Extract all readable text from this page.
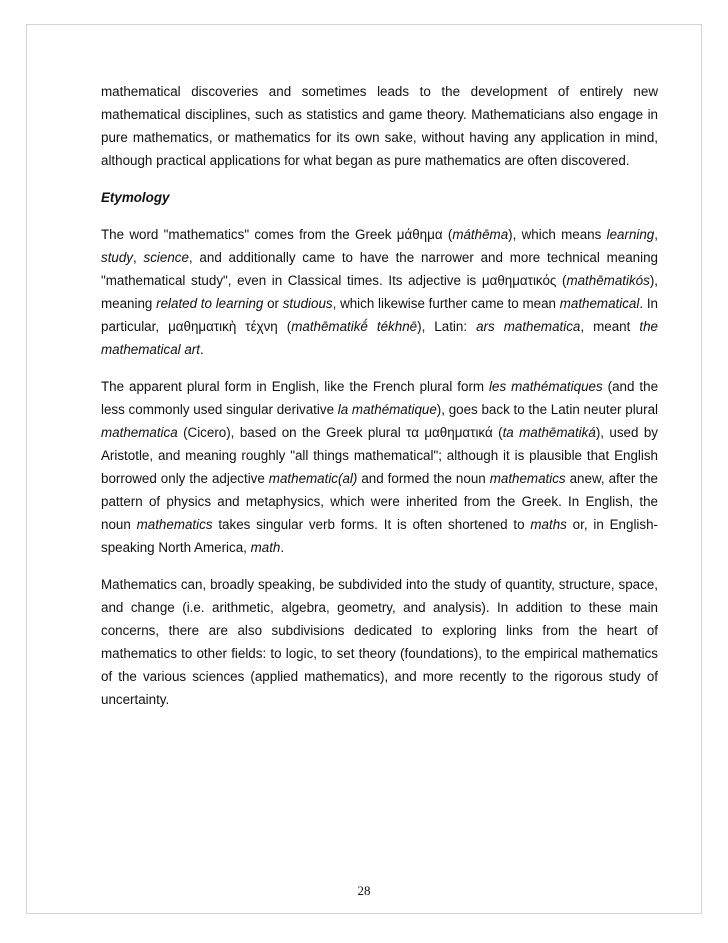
mathematical discoveries and sometimes leads to the development of entirely new mathematical disciplines, such as statistics and game theory. Mathematicians also engage in pure mathematics, or mathematics for its own sake, without having any application in mind, although practical applications for what began as pure mathematics are often discovered.

Etymology

The word "mathematics" comes from the Greek μάθημα (máthēma), which means learning, study, science, and additionally came to have the narrower and more technical meaning "mathematical study", even in Classical times. Its adjective is μαθηματικός (mathēmatikós), meaning related to learning or studious, which likewise further came to mean mathematical. In particular, μαθηματικὴ τέχνη (mathēmatikḗ tékhnē), Latin: ars mathematica, meant the mathematical art.

The apparent plural form in English, like the French plural form les mathématiques (and the less commonly used singular derivative la mathématique), goes back to the Latin neuter plural mathematica (Cicero), based on the Greek plural τα μαθηματικά (ta mathēmatiká), used by Aristotle, and meaning roughly "all things mathematical"; although it is plausible that English borrowed only the adjective mathematic(al) and formed the noun mathematics anew, after the pattern of physics and metaphysics, which were inherited from the Greek. In English, the noun mathematics takes singular verb forms. It is often shortened to maths or, in English-speaking North America, math.

Mathematics can, broadly speaking, be subdivided into the study of quantity, structure, space, and change (i.e. arithmetic, algebra, geometry, and analysis). In addition to these main concerns, there are also subdivisions dedicated to exploring links from the heart of mathematics to other fields: to logic, to set theory (foundations), to the empirical mathematics of the various sciences (applied mathematics), and more recently to the rigorous study of uncertainty.

28
